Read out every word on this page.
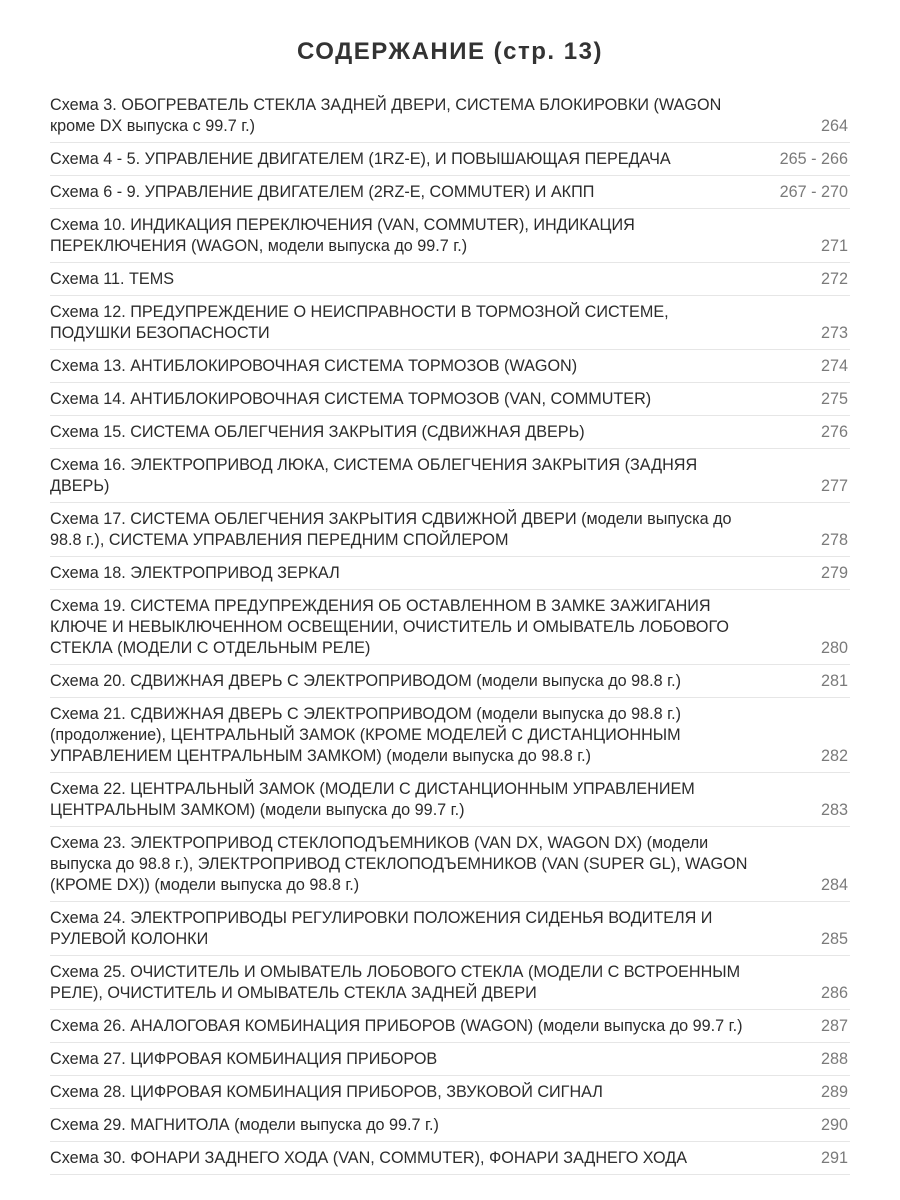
СОДЕРЖАНИЕ (стр. 13)
Схема 3. ОБОГРЕВАТЕЛЬ СТЕКЛА ЗАДНЕЙ ДВЕРИ, СИСТЕМА БЛОКИРОВКИ (WAGON кроме DX выпуска с 99.7 г.)	264
Схема 4 - 5. УПРАВЛЕНИЕ ДВИГАТЕЛЕМ (1RZ-E), И ПОВЫШАЮЩАЯ ПЕРЕДАЧА	265 - 266
Схема 6 - 9. УПРАВЛЕНИЕ ДВИГАТЕЛЕМ (2RZ-E, COMMUTER) И АКПП	267 - 270
Схема 10. ИНДИКАЦИЯ ПЕРЕКЛЮЧЕНИЯ (VAN, COMMUTER), ИНДИКАЦИЯ ПЕРЕКЛЮЧЕНИЯ (WAGON, модели выпуска до 99.7 г.)	271
Схема 11. TEMS	272
Схема 12. ПРЕДУПРЕЖДЕНИЕ О НЕИСПРАВНОСТИ В ТОРМОЗНОЙ СИСТЕМЕ, ПОДУШКИ БЕЗОПАСНОСТИ	273
Схема 13. АНТИБЛОКИРОВОЧНАЯ СИСТЕМА ТОРМОЗОВ (WAGON)	274
Схема 14. АНТИБЛОКИРОВОЧНАЯ СИСТЕМА ТОРМОЗОВ (VAN, COMMUTER)	275
Схема 15. СИСТЕМА ОБЛЕГЧЕНИЯ ЗАКРЫТИЯ (СДВИЖНАЯ ДВЕРЬ)	276
Схема 16. ЭЛЕКТРОПРИВОД ЛЮКА, СИСТЕМА ОБЛЕГЧЕНИЯ ЗАКРЫТИЯ (ЗАДНЯЯ ДВЕРЬ)	277
Схема 17. СИСТЕМА ОБЛЕГЧЕНИЯ ЗАКРЫТИЯ СДВИЖНОЙ ДВЕРИ (модели выпуска до 98.8 г.), СИСТЕМА УПРАВЛЕНИЯ ПЕРЕДНИМ СПОЙЛЕРОМ	278
Схема 18. ЭЛЕКТРОПРИВОД ЗЕРКАЛ	279
Схема 19. СИСТЕМА ПРЕДУПРЕЖДЕНИЯ ОБ ОСТАВЛЕННОМ В ЗАМКЕ ЗАЖИГАНИЯ КЛЮЧЕ И НЕВЫКЛЮЧЕННОМ ОСВЕЩЕНИИ, ОЧИСТИТЕЛЬ И ОМЫВАТЕЛЬ ЛОБОВОГО СТЕКЛА (МОДЕЛИ С ОТДЕЛЬНЫМ РЕЛЕ)	280
Схема 20. СДВИЖНАЯ ДВЕРЬ С ЭЛЕКТРОПРИВОДОМ (модели выпуска до 98.8 г.)	281
Схема 21. СДВИЖНАЯ ДВЕРЬ С ЭЛЕКТРОПРИВОДОМ (модели выпуска до 98.8 г.) (продолжение), ЦЕНТРАЛЬНЫЙ ЗАМОК (КРОМЕ МОДЕЛЕЙ С ДИСТАНЦИОННЫМ УПРАВЛЕНИЕМ ЦЕНТРАЛЬНЫМ ЗАМКОМ) (модели выпуска до 98.8 г.)	282
Схема 22. ЦЕНТРАЛЬНЫЙ ЗАМОК (МОДЕЛИ С ДИСТАНЦИОННЫМ УПРАВЛЕНИЕМ ЦЕНТРАЛЬНЫМ ЗАМКОМ) (модели выпуска до 99.7 г.)	283
Схема 23. ЭЛЕКТРОПРИВОД СТЕКЛОПОДЪЕМНИКОВ (VAN DX, WAGON DX) (модели выпуска до 98.8 г.), ЭЛЕКТРОПРИВОД СТЕКЛОПОДЪЕМНИКОВ (VAN (SUPER GL), WAGON (КРОМЕ DX)) (модели выпуска до 98.8 г.)	284
Схема 24. ЭЛЕКТРОПРИВОДЫ РЕГУЛИРОВКИ ПОЛОЖЕНИЯ СИДЕНЬЯ ВОДИТЕЛЯ И РУЛЕВОЙ КОЛОНКИ	285
Схема 25. ОЧИСТИТЕЛЬ И ОМЫВАТЕЛЬ ЛОБОВОГО СТЕКЛА (МОДЕЛИ С ВСТРОЕННЫМ РЕЛЕ), ОЧИСТИТЕЛЬ И ОМЫВАТЕЛЬ СТЕКЛА ЗАДНЕЙ ДВЕРИ	286
Схема 26. АНАЛОГОВАЯ КОМБИНАЦИЯ ПРИБОРОВ (WAGON) (модели выпуска до 99.7 г.)	287
Схема 27. ЦИФРОВАЯ КОМБИНАЦИЯ ПРИБОРОВ	288
Схема 28. ЦИФРОВАЯ КОМБИНАЦИЯ ПРИБОРОВ, ЗВУКОВОЙ СИГНАЛ	289
Схема 29. МАГНИТОЛА (модели выпуска до 99.7 г.)	290
Схема 30. ФОНАРИ ЗАДНЕГО ХОДА (VAN, COMMUTER), ФОНАРИ ЗАДНЕГО ХОДА	291
